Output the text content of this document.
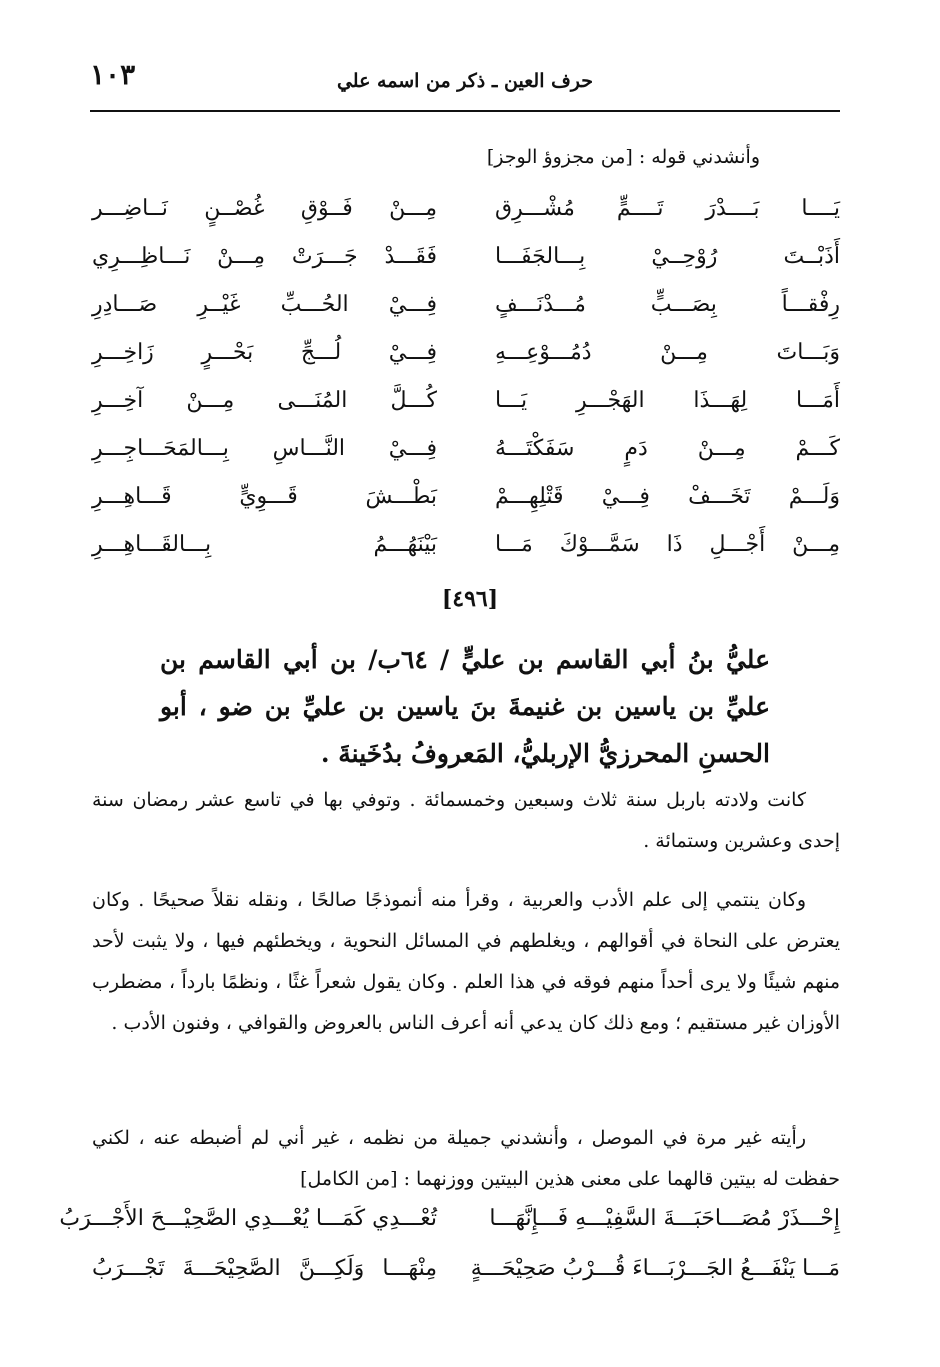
١٠٣	حرف العين ـ ذكر من اسمه علي
وأنشدني قوله : [من مجزوؤ الوجز]
يَــــا بَــــدْرَ تَــــمٍّ مُشْـــرِق
مِـــنْ فَــوْقِ غُصْــنٍ نَــاضِـــر
أَذَبْــتَ رُوْحِــيْ بِـــالجَفَـــا
فَقَـــدْ جَـــرَتْ مِـــنْ نَـــاظِـــرِي
رِفْقـــاً بِصَـــبٍّ مُـــدْنَـــفٍ
فِـــيْ الحُـــبِّ غَيْــرِ صَـــادِرِ
وَبَـــاتَ مِـــنْ دُمُـــوْعِـــهِ
فِـــيْ لُـــجِّ بَحْـــرٍ زَاخِـــرِ
أَمَـــا لِهَـــذَا الهَجْـــرِ يَـــا
كُـــلَّ المُنَـــى مِـــنْ آخِـــرِ
كَـــمْ مِـــنْ دَمٍ سَفَكْتَـــهُ
فِـــيْ النَّـــاسِ بِـــالمَحَـــاجِـــرِ
وَلَـــمْ تَخَـــفْ فِـــيْ قَتْلِهِـــمْ
بَطْـــشَ قَـــوِيٍّ قَـــاهِـــرِ
مِـــنْ أَجْـــلِ ذَا سَمَّـــوْكَ مَـــا
بَيْنَهُـــمُ بِـــالقَـــاهِـــرِ
[٤٩٦]
عليُّ بنُ أبي القاسم بن عليٍّ / ٦٤ب/ بن أبي القاسم بن عليِّ بن ياسين بن غنيمةَ بنَ ياسين بن عليِّ بن ضو ، أبو الحسنِ المحرزيُّ الإربليُّ، المَعروفُ بدُخَينةَ .
كانت ولادته باربل سنة ثلاث وسبعين وخمسمائة . وتوفي بها في تاسع عشر رمضان سنة إحدى وعشرين وستمائة .
وكان ينتمي إلى علم الأدب والعربية ، وقرأ منه أنموذجًا صالحًا ، ونقله نقلاً صحيحًا . وكان يعترض على النحاة في أقوالهم ، ويغلطهم في المسائل النحوية ، ويخطئهم فيها ، ولا يثبت لأحد منهم شيئًا ولا يرى أحداً منهم فوقه في هذا العلم . وكان يقول شعراً غثًا ، ونظمًا بارداً ، مضطرب الأوزان غير مستقيم ؛ ومع ذلك كان يدعي أنه أعرف الناس بالعروض والقوافي ، وفنون الأدب .
رأيته غير مرة في الموصل ، وأنشدني جميلة من نظمه ، غير أني لم أضبطه عنه ، لكني حفظت له بيتين قالهما على معنى هذين البيتين ووزنهما : [من الكامل]
إِحْـــذَرْ مُصَـــاحَبَـــةَ السَّفِيْـــهِ فَـــإِنَّهَـــا
تُعْـــدِي كَمَـــا يُعْـــدِي الصَّحِيْـــحَ الأَجْـــرَبُ
مَـــا يَنْفَـــعُ الجَـــرْبَـــاءَ قُـــرْبُ صَحِيْحَـــةٍ
مِنْهَـــا وَلَكِـــنَّ الصَّحِيْحَـــةَ تَجْـــرَبُ
